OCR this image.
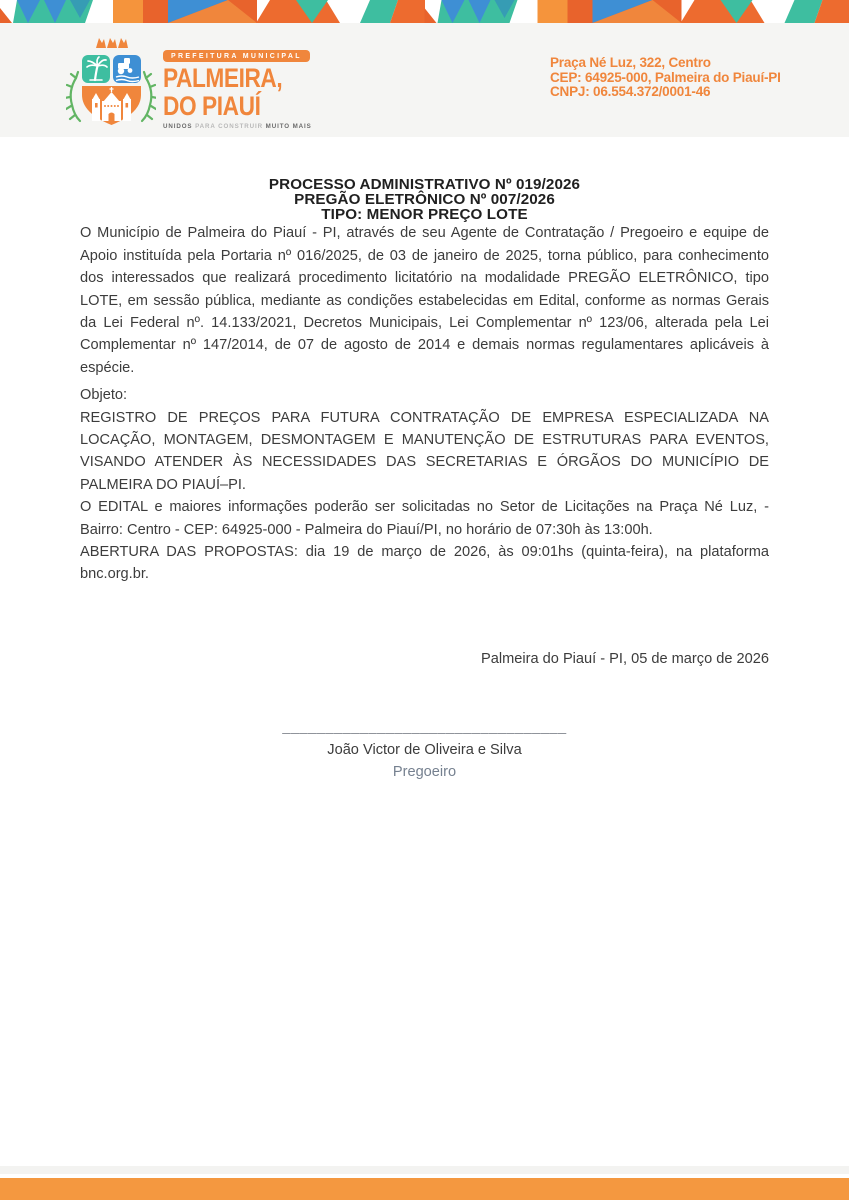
PREFEITURA MUNICIPAL
PALMEIRA,
DO PIAUÍ
UNIDOS PARA CONSTRUIR MUITO MAIS
Praça Né Luz, 322, Centro
CEP: 64925-000, Palmeira do Piauí-PI
CNPJ: 06.554.372/0001-46
PROCESSO ADMINISTRATIVO Nº 019/2026
PREGÃO ELETRÔNICO Nº 007/2026
TIPO: MENOR PREÇO LOTE

O Município de Palmeira do Piauí - PI, através de seu Agente de Contratação / Pregoeiro e equipe de Apoio instituída pela Portaria nº 016/2025, de 03 de janeiro de 2025, torna público, para conhecimento dos interessados que realizará procedimento licitatório na modalidade PREGÃO ELETRÔNICO, tipo LOTE, em sessão pública, mediante as condições estabelecidas em Edital, conforme as normas Gerais da Lei Federal nº. 14.133/2021, Decretos Municipais, Lei Complementar nº 123/06, alterada pela Lei Complementar nº 147/2014, de 07 de agosto de 2014 e demais normas regulamentares aplicáveis à espécie.

Objeto:
REGISTRO DE PREÇOS PARA FUTURA CONTRATAÇÃO DE EMPRESA ESPECIALIZADA NA LOCAÇÃO, MONTAGEM, DESMONTAGEM E MANUTENÇÃO DE ESTRUTURAS PARA EVENTOS, VISANDO ATENDER ÀS NECESSIDADES DAS SECRETARIAS E ÓRGÃOS DO MUNICÍPIO DE PALMEIRA DO PIAUÍ–PI.

O EDITAL e maiores informações poderão ser solicitadas no Setor de Licitações na Praça Né Luz, - Bairro: Centro - CEP: 64925-000 - Palmeira do Piauí/PI, no horário de 07:30h às 13:00h.

ABERTURA DAS PROPOSTAS: dia 19 de março de 2026, às 09:01hs (quinta-feira), na plataforma bnc.org.br.

Palmeira do Piauí - PI, 05 de março de 2026
_________________________________
João Victor de Oliveira e Silva
Pregoeiro
